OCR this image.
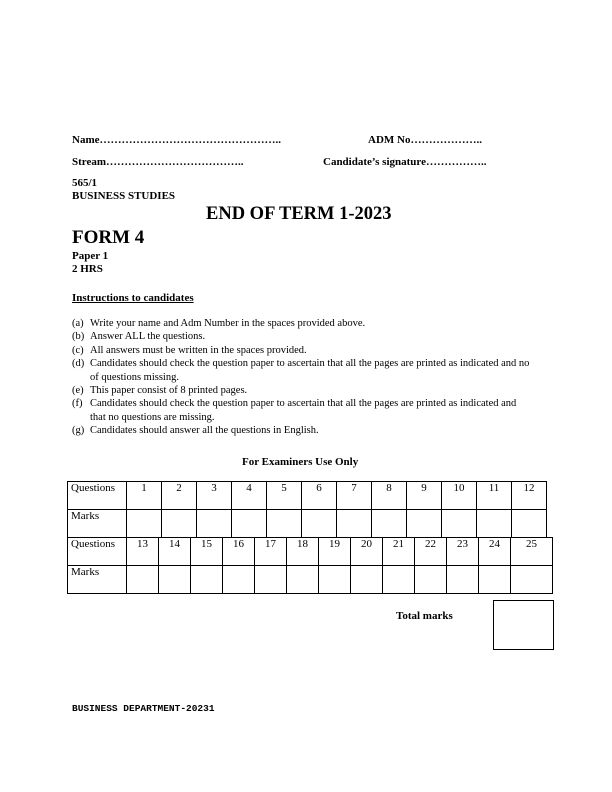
Name…………………………………………..	ADM No………………..
Stream………………………………..	Candidate’s signature……………..
565/1
BUSINESS STUDIES
END OF TERM 1-2023
FORM 4
Paper 1
2 HRS
Instructions to candidates
(a) Write your name and Adm Number in the spaces provided above.
(b) Answer ALL the questions.
(c) All answers must be written in the spaces provided.
(d) Candidates should check the question paper to ascertain that all the pages are printed as indicated and no of questions missing.
(e) This paper consist of 8 printed pages.
(f) Candidates should check the question paper to ascertain that all the pages are printed as indicated and that no questions are missing.
(g) Candidates should answer all the questions in English.
For Examiners Use Only
Questions	1	2	3	4	5	6	7	8	9	10	11	12
Marks												
Questions	13	14	15	16	17	18	19	20	21	22	23	24	25
Marks													
Total marks
BUSINESS DEPARTMENT-20231
